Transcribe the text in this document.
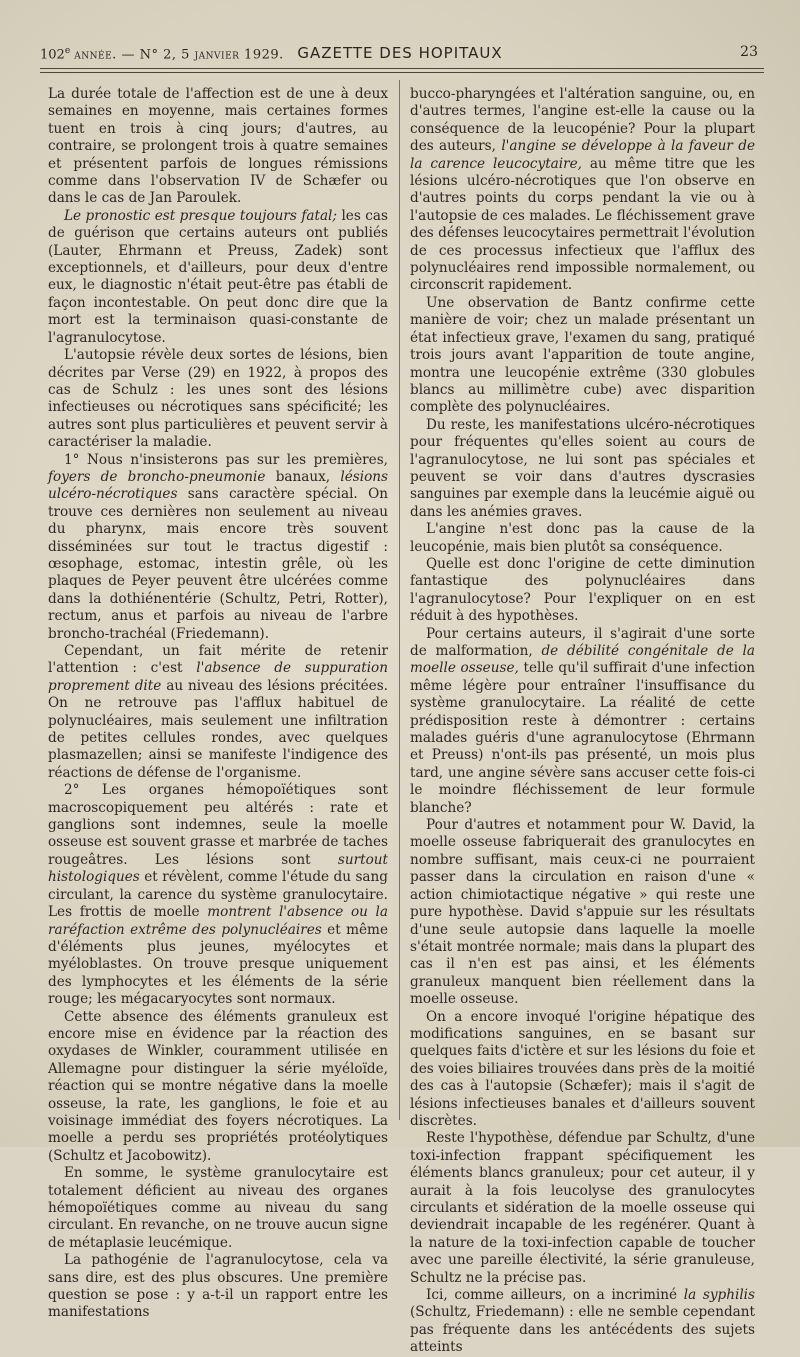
102e année. — N° 2, 5 janvier 1929. GAZETTE DES HOPITAUX	23

La durée totale de l'affection est de une à deux semaines en moyenne, mais certaines formes tuent en trois à cinq jours; d'autres, au contraire, se prolongent trois à quatre semaines et présentent parfois de longues rémissions comme dans l'observation IV de Schæfer ou dans le cas de Jan Paroulek.

Le pronostic est presque toujours fatal; les cas de guérison que certains auteurs ont publiés (Lauter, Ehrmann et Preuss, Zadek) sont exceptionnels, et d'ailleurs, pour deux d'entre eux, le diagnostic n'était peut-être pas établi de façon incontestable. On peut donc dire que la mort est la terminaison quasi-constante de l'agranulocytose.

L'autopsie révèle deux sortes de lésions, bien décrites par Verse (29) en 1922, à propos des cas de Schulz : les unes sont des lésions infectieuses ou nécrotiques sans spécificité; les autres sont plus particulières et peuvent servir à caractériser la maladie.

1° Nous n'insisterons pas sur les premières, foyers de broncho-pneumonie banaux, lésions ulcéro-nécrotiques sans caractère spécial. On trouve ces dernières non seulement au niveau du pharynx, mais encore très souvent disséminées sur tout le tractus digestif : œsophage, estomac, intestin grêle, où les plaques de Peyer peuvent être ulcérées comme dans la dothiénentérie (Schultz, Petri, Rotter), rectum, anus et parfois au niveau de l'arbre broncho-trachéal (Friedemann).

Cependant, un fait mérite de retenir l'attention : c'est l'absence de suppuration proprement dite au niveau des lésions précitées. On ne retrouve pas l'afflux habituel de polynucléaires, mais seulement une infiltration de petites cellules rondes, avec quelques plasmazellen; ainsi se manifeste l'indigence des réactions de défense de l'organisme.

2° Les organes hémopoïétiques sont macroscopiquement peu altérés : rate et ganglions sont indemnes, seule la moelle osseuse est souvent grasse et marbrée de taches rougeâtres. Les lésions sont surtout histologiques et révèlent, comme l'étude du sang circulant, la carence du système granulocytaire. Les frottis de moelle montrent l'absence ou la raréfaction extrême des polynucléaires et même d'éléments plus jeunes, myélocytes et myéloblastes. On trouve presque uniquement des lymphocytes et les éléments de la série rouge; les mégacaryocytes sont normaux.

Cette absence des éléments granuleux est encore mise en évidence par la réaction des oxydases de Winkler, couramment utilisée en Allemagne pour distinguer la série myéloïde, réaction qui se montre négative dans la moelle osseuse, la rate, les ganglions, le foie et au voisinage immédiat des foyers nécrotiques. La moelle a perdu ses propriétés protéolytiques (Schultz et Jacobowitz).

En somme, le système granulocytaire est totalement déficient au niveau des organes hémopoïétiques comme au niveau du sang circulant. En revanche, on ne trouve aucun signe de métaplasie leucémique.

La pathogénie de l'agranulocytose, cela va sans dire, est des plus obscures. Une première question se pose : y a-t-il un rapport entre les manifestations

bucco-pharyngées et l'altération sanguine, ou, en d'autres termes, l'angine est-elle la cause ou la conséquence de la leucopénie? Pour la plupart des auteurs, l'angine se développe à la faveur de la carence leucocytaire, au même titre que les lésions ulcéro-nécrotiques que l'on observe en d'autres points du corps pendant la vie ou à l'autopsie de ces malades. Le fléchissement grave des défenses leucocytaires permettrait l'évolution de ces processus infectieux que l'afflux des polynucléaires rend impossible normalement, ou circonscrit rapidement.

Une observation de Bantz confirme cette manière de voir; chez un malade présentant un état infectieux grave, l'examen du sang, pratiqué trois jours avant l'apparition de toute angine, montra une leucopénie extrême (330 globules blancs au millimètre cube) avec disparition complète des polynucléaires.

Du reste, les manifestations ulcéro-nécrotiques pour fréquentes qu'elles soient au cours de l'agranulocytose, ne lui sont pas spéciales et peuvent se voir dans d'autres dyscrasies sanguines par exemple dans la leucémie aiguë ou dans les anémies graves.

L'angine n'est donc pas la cause de la leucopénie, mais bien plutôt sa conséquence.

Quelle est donc l'origine de cette diminution fantastique des polynucléaires dans l'agranulocytose? Pour l'expliquer on en est réduit à des hypothèses.

Pour certains auteurs, il s'agirait d'une sorte de malformation, de débilité congénitale de la moelle osseuse, telle qu'il suffirait d'une infection même légère pour entraîner l'insuffisance du système granulocytaire. La réalité de cette prédisposition reste à démontrer : certains malades guéris d'une agranulocytose (Ehrmann et Preuss) n'ont-ils pas présenté, un mois plus tard, une angine sévère sans accuser cette fois-ci le moindre fléchissement de leur formule blanche?

Pour d'autres et notamment pour W. David, la moelle osseuse fabriquerait des granulocytes en nombre suffisant, mais ceux-ci ne pourraient passer dans la circulation en raison d'une « action chimiotactique négative » qui reste une pure hypothèse. David s'appuie sur les résultats d'une seule autopsie dans laquelle la moelle s'était montrée normale; mais dans la plupart des cas il n'en est pas ainsi, et les éléments granuleux manquent bien réellement dans la moelle osseuse.

On a encore invoqué l'origine hépatique des modifications sanguines, en se basant sur quelques faits d'ictère et sur les lésions du foie et des voies biliaires trouvées dans près de la moitié des cas à l'autopsie (Schæfer); mais il s'agit de lésions infectieuses banales et d'ailleurs souvent discrètes.

Reste l'hypothèse, défendue par Schultz, d'une toxi-infection frappant spécifiquement les éléments blancs granuleux; pour cet auteur, il y aurait à la fois leucolyse des granulocytes circulants et sidération de la moelle osseuse qui deviendrait incapable de les regénérer. Quant à la nature de la toxi-infection capable de toucher avec une pareille électivité, la série granuleuse, Schultz ne la précise pas.

Ici, comme ailleurs, on a incriminé la syphilis (Schultz, Friedemann) : elle ne semble cependant pas fréquente dans les antécédents des sujets atteints
